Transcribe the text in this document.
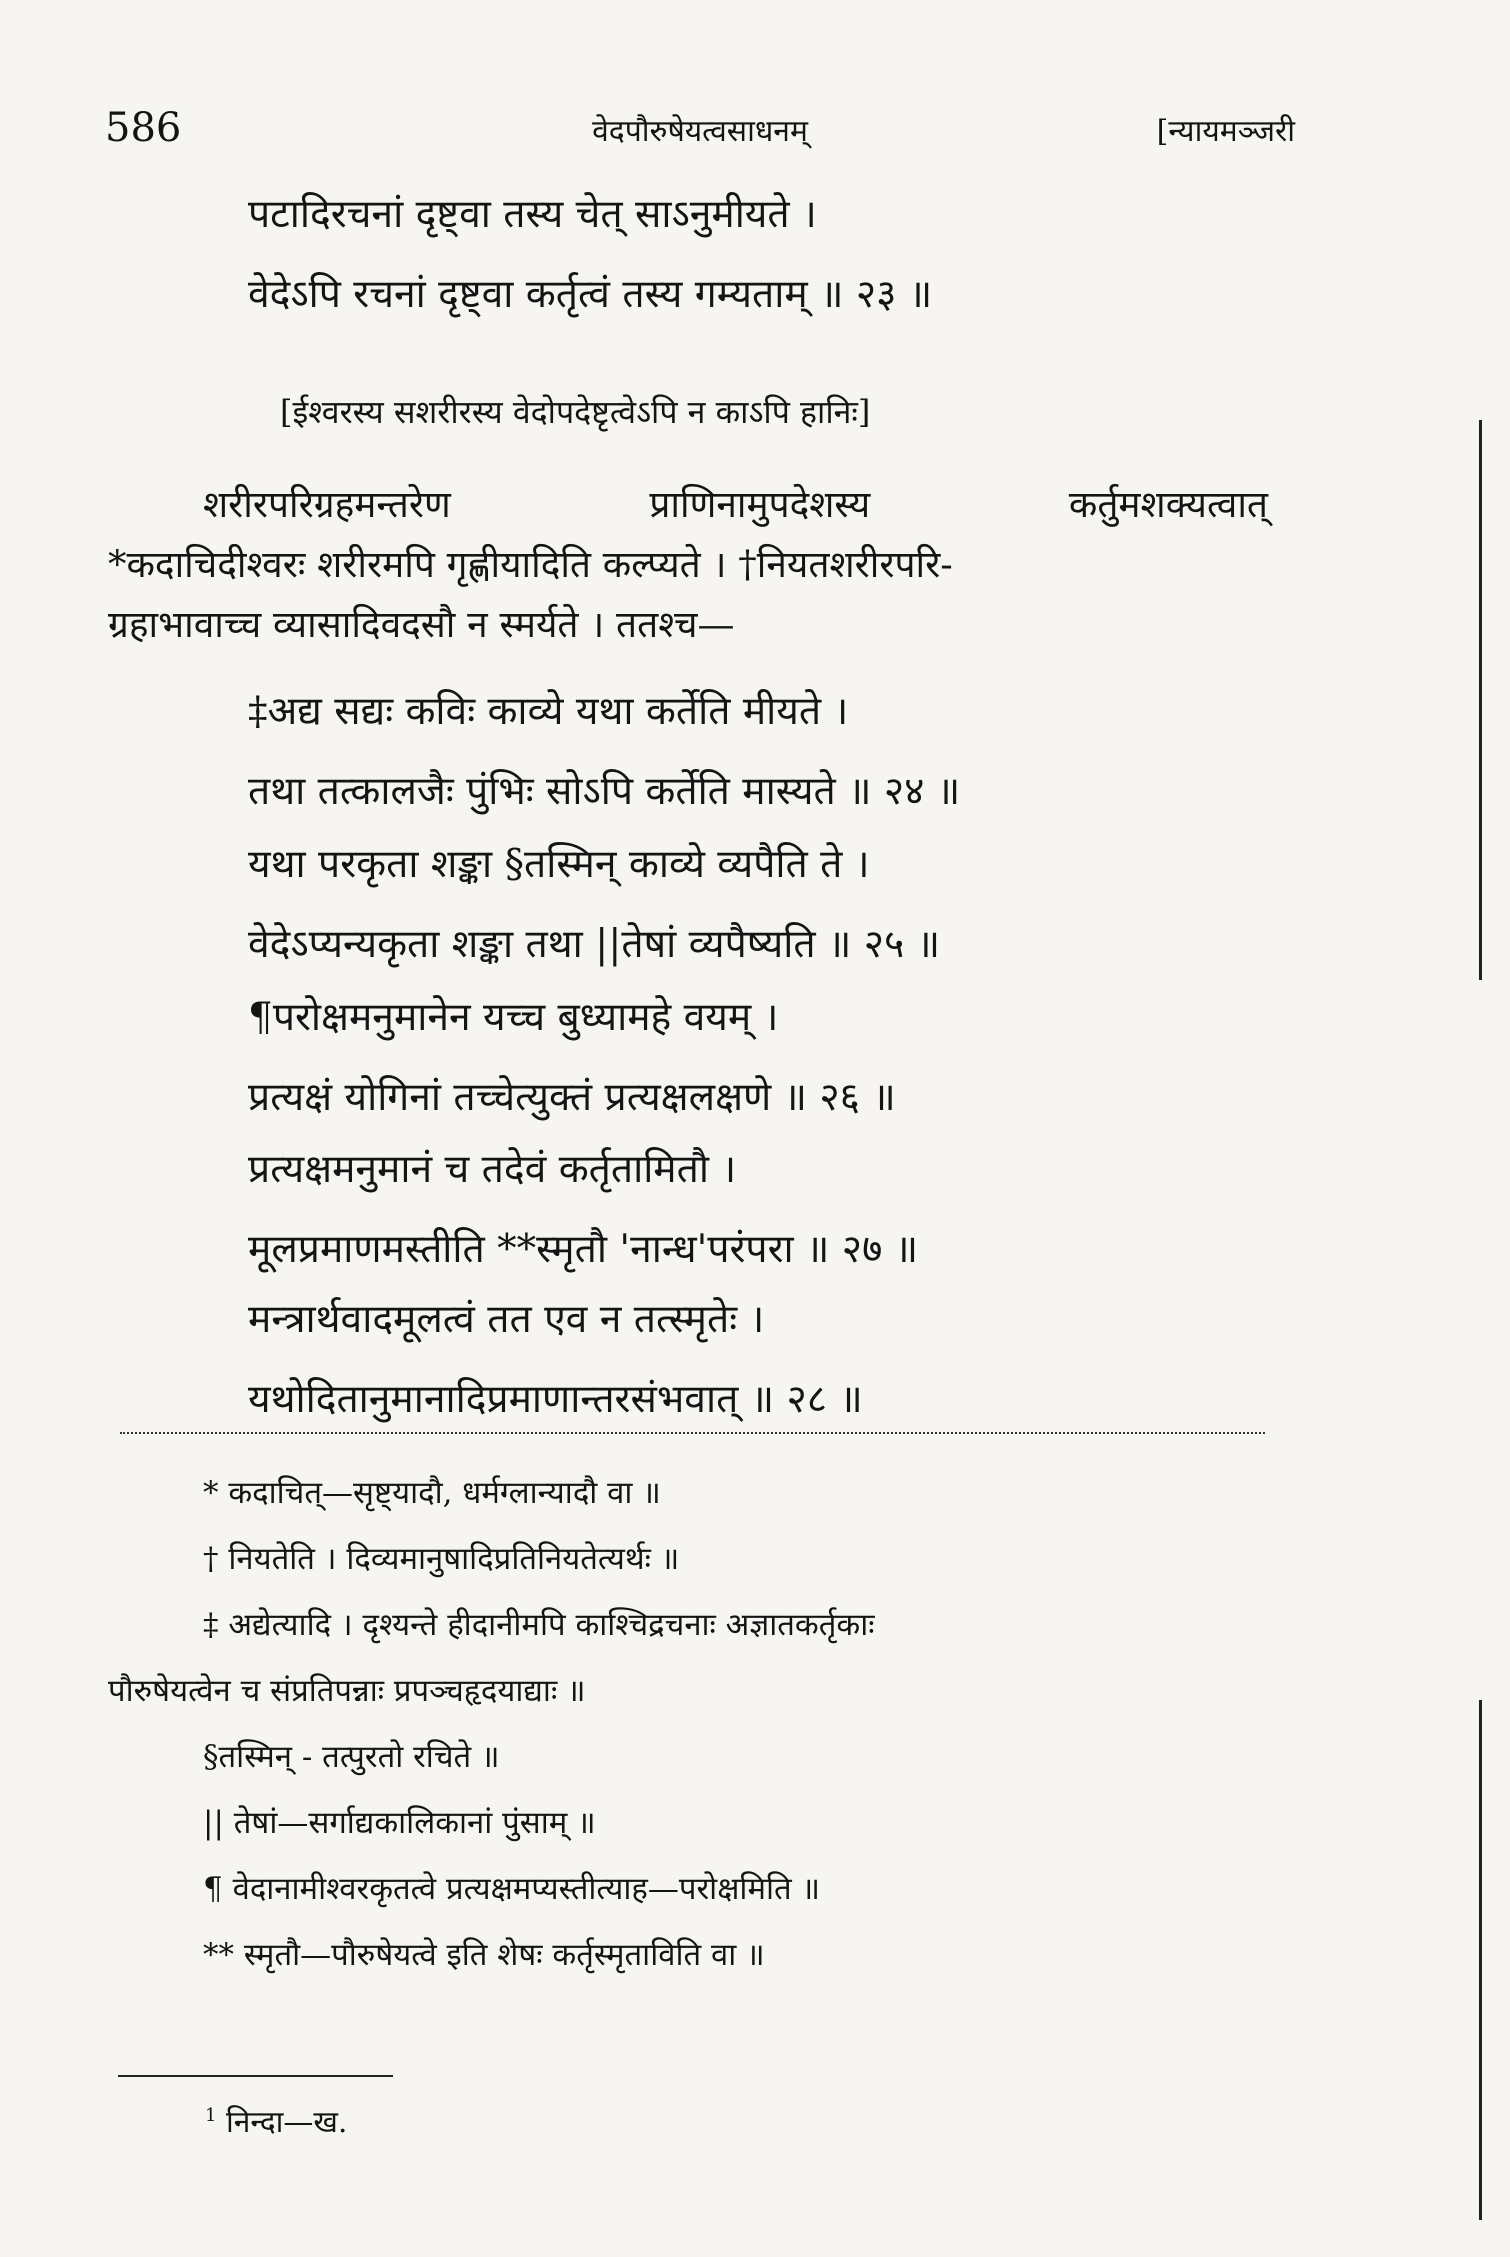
586	वेदपौरुषेयत्वसाधनम्	[न्यायमञ्जरी
पटादिरचनां दृष्ट्वा तस्य चेत् साऽनुमीयते ।
वेदेऽपि रचनां दृष्ट्वा कर्तृत्वं तस्य गम्यताम् ॥ २३ ॥
[ईश्वरस्य सशरीरस्य वेदोपदेष्टृत्वेऽपि न काऽपि हानिः]
शरीरपरिग्रहमन्तरेण प्राणिनामुपदेशस्य कर्तुमशक्यत्वात्
*कदाचिदीश्वरः शरीरमपि गृह्णीयादिति कल्प्यते । †नियतशरीरपरि-
ग्रहाभावाच्च व्यासादिवदसौ न स्मर्यते । ततश्च—
‡अद्य सद्यः कविः काव्ये यथा कर्तेति मीयते ।
तथा तत्कालजैः पुंभिः सोऽपि कर्तेति मास्यते ॥ २४ ॥
यथा परकृता शङ्का §तस्मिन् काव्ये व्यपैति ते ।
वेदेऽप्यन्यकृता शङ्का तथा ||तेषां व्यपैष्यति ॥ २५ ॥
¶परोक्षमनुमानेन यच्च बुध्यामहे वयम् ।
प्रत्यक्षं योगिनां तच्चेत्युक्तं प्रत्यक्षलक्षणे ॥ २६ ॥
प्रत्यक्षमनुमानं च तदेवं कर्तृतामितौ ।
मूलप्रमाणमस्तीति **स्मृतौ 'नान्ध'परंपरा ॥ २७ ॥
मन्त्रार्थवादमूलत्वं तत एव न तत्स्मृतेः ।
यथोदितानुमानादिप्रमाणान्तरसंभवात् ॥ २८ ॥
* कदाचित्—सृष्ट्यादौ, धर्मग्लान्यादौ वा ॥
† नियतेति । दिव्यमानुषादिप्रतिनियतेत्यर्थः ॥
‡ अद्येत्यादि । दृश्यन्ते हीदानीमपि काश्चिद्रचनाः अज्ञातकर्तृकाः
पौरुषेयत्वेन च संप्रतिपन्नाः प्रपञ्चहृदयाद्याः ॥
§तस्मिन् - तत्पुरतो रचिते ॥
|| तेषां—सर्गाद्यकालिकानां पुंसाम् ॥
¶ वेदानामीश्वरकृतत्वे प्रत्यक्षमप्यस्तीत्याह—परोक्षमिति ॥
** स्मृतौ—पौरुषेयत्वे इति शेषः कर्तृस्मृताविति वा ॥
$^1$ निन्दा—ख.
